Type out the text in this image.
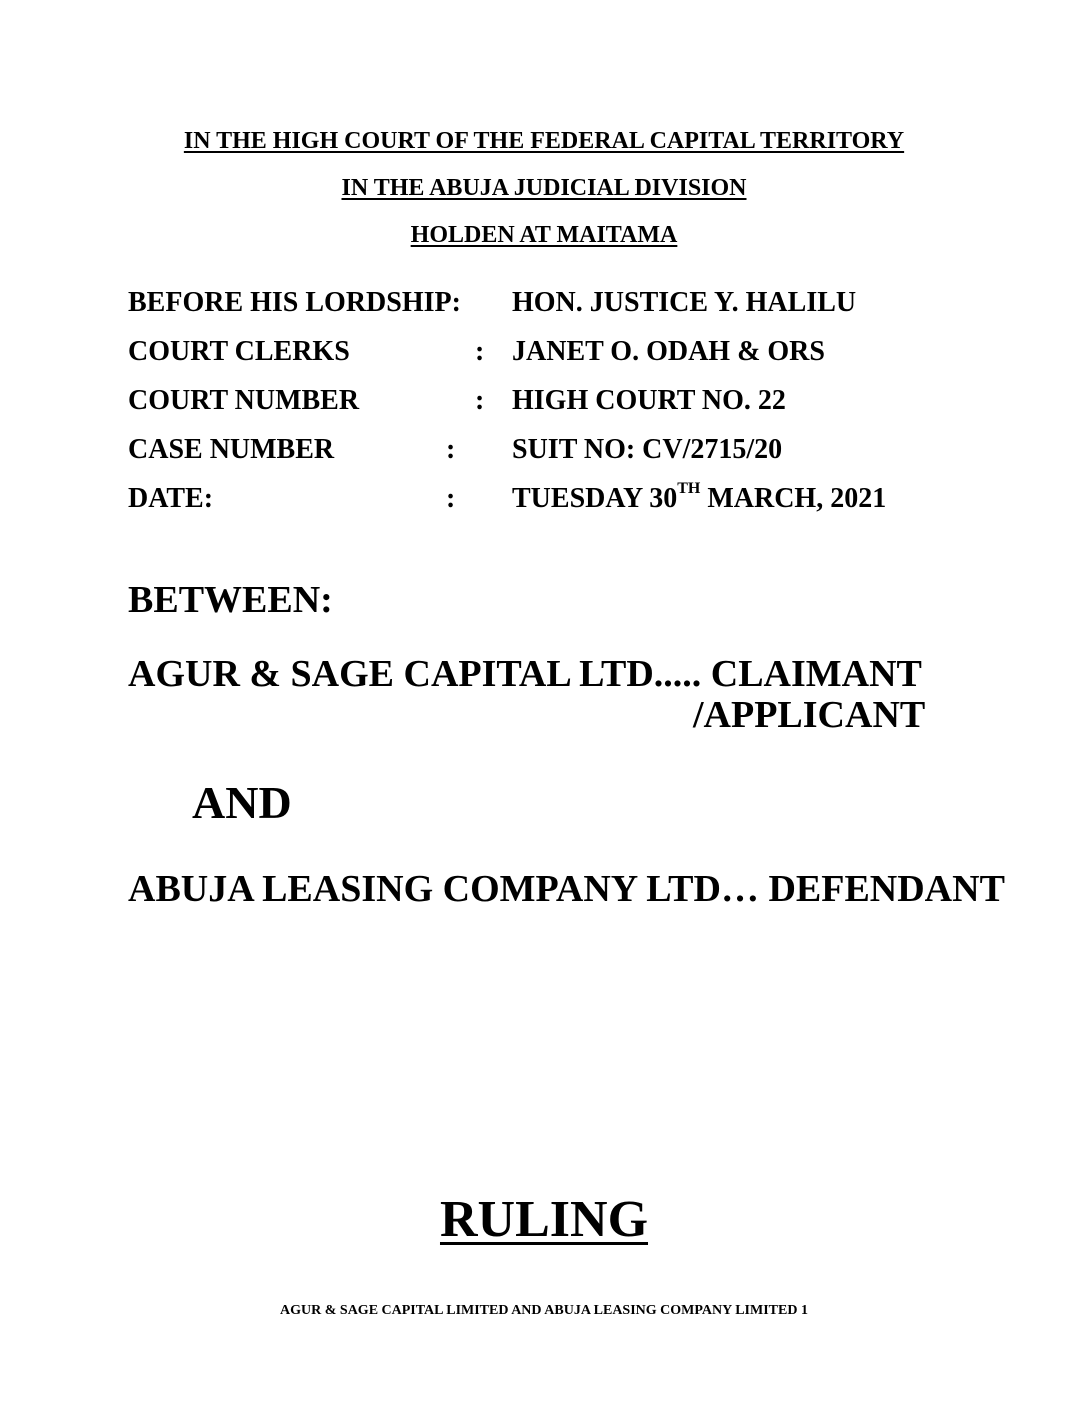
IN THE HIGH COURT OF THE FEDERAL CAPITAL TERRITORY
IN THE ABUJA JUDICIAL DIVISION
HOLDEN AT MAITAMA
BEFORE HIS LORDSHIP: HON. JUSTICE Y. HALILU
COURT CLERKS	: JANET O. ODAH & ORS
COURT NUMBER	: HIGH COURT NO. 22
CASE NUMBER	: SUIT NO: CV/2715/20
DATE:	: TUESDAY 30TH MARCH, 2021
BETWEEN:
AGUR & SAGE CAPITAL LTD..... CLAIMANT
/APPLICANT
AND
ABUJA LEASING COMPANY LTD… DEFENDANT
RULING
AGUR & SAGE CAPITAL LIMITED AND ABUJA LEASING COMPANY LIMITED 1
